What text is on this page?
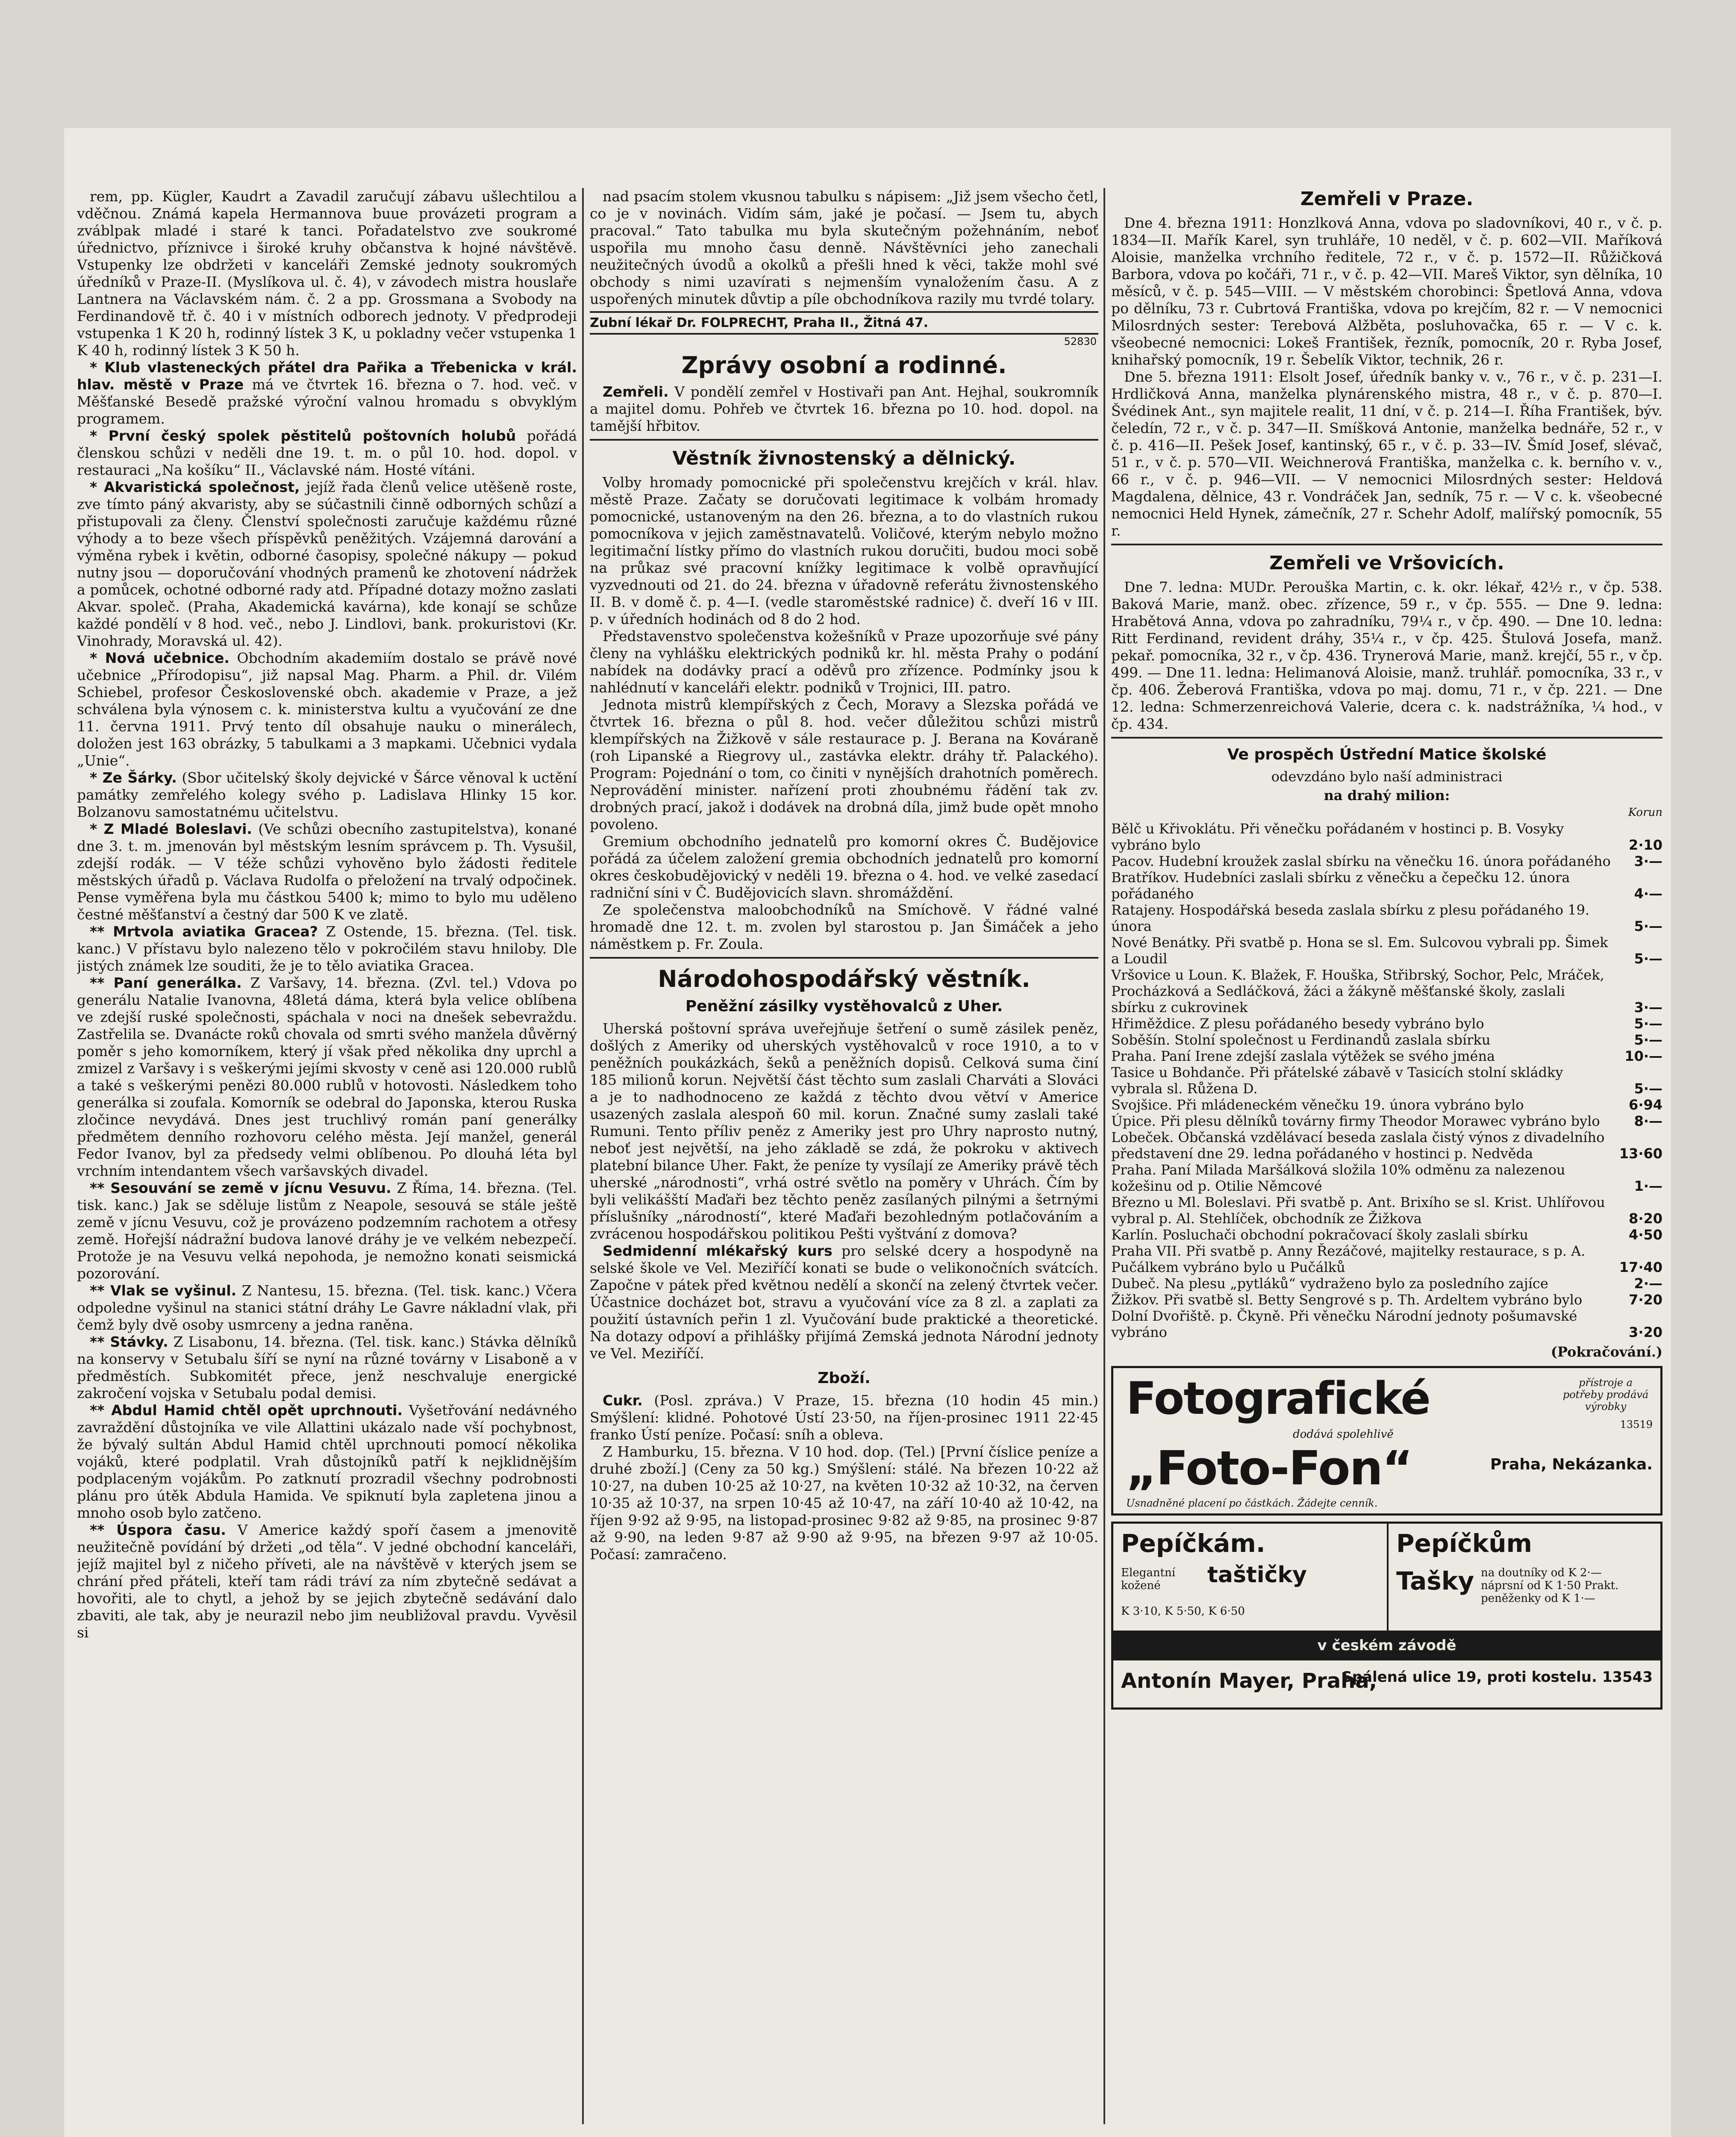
rem, pp. Kügler, Kaudrt a Zavadil zaručují zábavu ušlechtilou a vděčnou. Známá kapela Hermannova buue provázeti program a zváblpak mladé i staré k tanci. Pořadatelstvo zve soukromé úřednictvo, příznivce i široké kruhy občanstva k hojné návštěvě. Vstupenky lze obdržeti v kanceláři Zemské jednoty soukromých úředníků v Praze-II. (Myslíkova ul. č. 4), v závodech mistra houslaře Lantnera na Václavském nám. č. 2 a pp. Grossmana a Svobody na Ferdinandově tř. č. 40 i v místních odborech jednoty. V předprodeji vstupenka 1 K 20 h, rodinný lístek 3 K, u pokladny večer vstupenka 1 K 40 h, rodinný lístek 3 K 50 h.

* Klub vlasteneckých přátel dra Pařika a Třebenicka v král. hlav. městě v Praze má ve čtvrtek 16. března o 7. hod. več. v Měšťanské Besedě pražské výroční valnou hromadu s obvyklým programem.

* První český spolek pěstitelů poštovních holubů pořádá členskou schůzi v neděli dne 19. t. m. o půl 10. hod. dopol. v restauraci „Na košíku“ II., Václavské nám. Hosté vítáni.

* Akvaristická společnost, jejíž řada členů velice utěšeně roste, zve tímto páný akvaristy, aby se súčastnili činně odborných schůzí a přistupovali za členy. Členství společnosti zaručuje každému různé výhody a to beze všech příspěvků peněžitých. Vzájemná darování a výměna rybek i květin, odborné časopisy, společné nákupy — pokud nutny jsou — doporučování vhodných pramenů ke zhotovení nádržek a pomůcek, ochotné odborné rady atd. Případné dotazy možno zaslati Akvar. společ. (Praha, Akademická kavárna), kde konají se schůze každé pondělí v 8 hod. več., nebo J. Lindlovi, bank. prokuristovi (Kr. Vinohrady, Moravská ul. 42).

* Nová učebnice. Obchodním akademiím dostalo se právě nové učebnice „Přírodopisu“, již napsal Mag. Pharm. a Phil. dr. Vilém Schiebel, profesor Československé obch. akademie v Praze, a jež schválena byla výnosem c. k. ministerstva kultu a vyučování ze dne 11. června 1911. Prvý tento díl obsahuje nauku o minerálech, doložen jest 163 obrázky, 5 tabulkami a 3 mapkami. Učebnici vydala „Unie“.

* Ze Šárky. (Sbor učitelský školy dejvické v Šárce věnoval k uctění památky zemřelého kolegy svého p. Ladislava Hlinky 15 kor. Bolzanovu samostatnému učitelstvu.

* Z Mladé Boleslavi. (Ve schůzi obecního zastupitelstva), konané dne 3. t. m. jmenován byl městským lesním správcem p. Th. Vysušil, zdejší rodák. — V téže schůzi vyhověno bylo žádosti ředitele městských úřadů p. Václava Rudolfa o přeložení na trvalý odpočinek. Pense vyměřena byla mu částkou 5400 k; mimo to bylo mu uděleno čestné měšťanství a čestný dar 500 K ve zlatě.

** Mrtvola aviatika Gracea? Z Ostende, 15. března. (Tel. tisk. kanc.) V přístavu bylo nalezeno tělo v pokročilém stavu hniloby. Dle jistých známek lze souditi, že je to tělo aviatika Gracea.

** Paní generálka. Z Varšavy, 14. března. (Zvl. tel.) Vdova po generálu Natalie Ivanovna, 48letá dáma, která byla velice oblíbena ve zdejší ruské společnosti, spáchala v noci na dnešek sebevraždu. Zastřelila se. Dvanácte roků chovala od smrti svého manžela důvěrný poměr s jeho komorníkem, který jí však před několika dny uprchl a zmizel z Varšavy i s veškerými jejími skvosty v ceně asi 120.000 rublů a také s veškerými penězi 80.000 rublů v hotovosti. Následkem toho generálka si zoufala. Komorník se odebral do Japonska, kterou Ruska zločince nevydává. Dnes jest truchlivý román paní generálky předmětem denního rozhovoru celého města. Její manžel, generál Fedor Ivanov, byl za předsedy velmi oblíbenou. Po dlouhá léta byl vrchním intendantem všech varšavských divadel.

** Sesouvání se země v jícnu Vesuvu. Z Říma, 14. března. (Tel. tisk. kanc.) Jak se sděluje listům z Neapole, sesouvá se stále ještě země v jícnu Vesuvu, což je provázeno podzemním rachotem a otřesy země. Hořejší nádražní budova lanové dráhy je ve velkém nebezpečí. Protože je na Vesuvu velká nepohoda, je nemožno konati seismická pozorování.

** Vlak se vyšinul. Z Nantesu, 15. března. (Tel. tisk. kanc.) Včera odpoledne vyšinul na stanici státní dráhy Le Gavre nákladní vlak, při čemž byly dvě osoby usmrceny a jedna raněna.

** Stávky. Z Lisabonu, 14. března. (Tel. tisk. kanc.) Stávka dělníků na konservy v Setubalu šíří se nyní na různé továrny v Lisaboně a v předměstích. Subkomitét přece, jenž neschvaluje energické zakročení vojska v Setubalu podal demisi.

** Abdul Hamid chtěl opět uprchnouti. Vyšetřování nedávného zavraždění důstojníka ve vile Allattini ukázalo nade vší pochybnost, že bývalý sultán Abdul Hamid chtěl uprchnouti pomocí několika vojáků, které podplatil. Vrah důstojníků patří k nejklidnějším podplaceným vojákům. Po zatknutí prozradil všechny podrobnosti plánu pro útěk Abdula Hamida. Ve spiknutí byla zapletena jinou a mnoho osob bylo zatčeno.

** Úspora času. V Americe každý spoří časem a jmenovitě neužitečně povídání bý držeti „od těla“. V jedné obchodní kanceláři, jejíž majitel byl z ničeho příveti, ale na návštěvě v kterých jsem se chrání před přáteli, kteří tam rádi tráví za ním zbytečně sedávat a hovořiti, ale to chytl, a jehož by se jejich zbytečně sedávání dalo zbaviti, ale tak, aby je neurazil nebo jim neubližoval pravdu. Vyvěsil si

nad psacím stolem vkusnou tabulku s nápisem: „Již jsem všecho četl, co je v novinách. Vidím sám, jaké je počasí. — Jsem tu, abych pracoval.“ Tato tabulka mu byla skutečným požehnáním, neboť uspořila mu mnoho času denně. Návštěvníci jeho zanechali neužitečných úvodů a okolků a přešli hned k věci, takže mohl své obchody s nimi uzavírati s nejmenším vynaložením času. A z uspořených minutek důvtip a píle obchodníkova razily mu tvrdé tolary.

Zubní lékař Dr. FOLPRECHT, Praha II., Žitná 47.
52830
Zprávy osobní a rodinné.

Zemřeli. V pondělí zemřel v Hostivaři pan Ant. Hejhal, soukromník a majitel domu. Pohřeb ve čtvrtek 16. března po 10. hod. dopol. na tamější hřbitov.

Věstník živnostenský a dělnický.

Volby hromady pomocnické při společenstvu krejčích v král. hlav. městě Praze. Začaty se doručovati legitimace k volbám hromady pomocnické, ustanoveným na den 26. března, a to do vlastních rukou pomocníkova v jejich zaměstnavatelů. Voličové, kterým nebylo možno legitimační lístky přímo do vlastních rukou doručiti, budou moci sobě na průkaz své pracovní knížky legitimace k volbě opravňující vyzvednouti od 21. do 24. března v úřadovně referátu živnostenského II. B. v domě č. p. 4—I. (vedle staroměstské radnice) č. dveří 16 v III. p. v úředních hodinách od 8 do 2 hod.

Představenstvo společenstva kožešníků v Praze upozorňuje své pány členy na vyhlášku elektrických podniků kr. hl. města Prahy o podání nabídek na dodávky prací a oděvů pro zřízence. Podmínky jsou k nahlédnutí v kanceláři elektr. podniků v Trojnici, III. patro.

Jednota mistrů klempířských z Čech, Moravy a Slezska pořádá ve čtvrtek 16. března o půl 8. hod. večer důležitou schůzi mistrů klempířských na Žižkově v sále restaurace p. J. Berana na Kováraně (roh Lipanské a Riegrovy ul., zastávka elektr. dráhy tř. Palackého). Program: Pojednání o tom, co činiti v nynějších drahotních poměrech. Neprovádění minister. nařízení proti zhoubnému řádění tak zv. drobných prací, jakož i dodávek na drobná díla, jimž bude opět mnoho povoleno.

Gremium obchodního jednatelů pro komorní okres Č. Budějovice pořádá za účelem založení gremia obchodních jednatelů pro komorní okres českobudějovický v neděli 19. března o 4. hod. ve velké zasedací radniční síni v Č. Budějovicích slavn. shromáždění.

Ze společenstva maloobchodníků na Smíchově. V řádné valné hromadě dne 12. t. m. zvolen byl starostou p. Jan Šimáček a jeho náměstkem p. Fr. Zoula.

Národohospodářský věstník.
Peněžní zásilky vystěhovalců z Uher.

Uherská poštovní správa uveřejňuje šetření o sumě zásilek peněz, došlých z Ameriky od uherských vystěhovalců v roce 1910, a to v peněžních poukázkách, šeků a peněžních dopisů. Celková suma činí 185 milionů korun. Největší část těchto sum zaslali Charváti a Slováci a je to nadhodnoceno ze každá z těchto dvou větví v Americe usazených zaslala alespoň 60 mil. korun. Značné sumy zaslali také Rumuni. Tento příliv peněz z Ameriky jest pro Uhry naprosto nutný, neboť jest největší, na jeho základě se zdá, že pokroku v aktivech platební bilance Uher. Fakt, že peníze ty vysílají ze Ameriky právě těch uherské „národnosti“, vrhá ostré světlo na poměry v Uhrách. Čím by byli velikášští Maďaři bez těchto peněz zasílaných pilnými a šetrnými příslušníky „národností“, které Maďaři bezohledným potlačováním a zvrácenou hospodářskou politikou Pešti vyštvání z domova?

Sedmidenní mlékařský kurs pro selské dcery a hospodyně na selské škole ve Vel. Meziříčí konati se bude o velikonočních svátcích. Započne v pátek před květnou nedělí a skončí na zelený čtvrtek večer. Účastnice docházet bot, stravu a vyučování více za 8 zl. a zaplati za použití ústavních peřin 1 zl. Vyučování bude praktické a theoretické. Na dotazy odpoví a přihlášky přijímá Zemská jednota Národní jednoty ve Vel. Meziříčí.

Zboží.

Cukr. (Posl. zpráva.) V Praze, 15. března (10 hodin 45 min.) Smýšlení: klidné. Pohotové Ústí 23·50, na říjen-prosinec 1911 22·45 franko Ústí peníze. Počasí: sníh a oblevа.

Z Hamburku, 15. března. V 10 hod. dop. (Tel.) [První číslice peníze a druhé zboží.] (Ceny za 50 kg.) Smýšlení: stálé. Na březen 10·22 až 10·27, na duben 10·25 až 10·27, na květen 10·32 až 10·32, na červen 10·35 až 10·37, na srpen 10·45 až 10·47, na září 10·40 až 10·42, na říjen 9·92 až 9·95, na listopad-prosinec 9·82 až 9·85, na prosinec 9·87 až 9·90, na leden 9·87 až 9·90 až 9·95, na březen 9·97 až 10·05. Počasí: zamračeno.

Zemřeli v Praze.

Dne 4. března 1911: Honzlková Anna, vdova po sladovníkovi, 40 r., v č. p. 1834—II. Mařík Karel, syn truhláře, 10 neděl, v č. p. 602—VII. Maříková Aloisie, manželka vrchního ředitele, 72 r., v č. p. 1572—II. Růžičková Barbora, vdova po kočáři, 71 r., v č. p. 42—VII. Mareš Viktor, syn dělníka, 10 měsíců, v č. p. 545—VIII. — V městském chorobinci: Špetlová Anna, vdova po dělníku, 73 r. Cubrtová Františka, vdova po krejčím, 82 r. — V nemocnici Milosrdných sester: Terebová Alžběta, posluhovačka, 65 r. — V c. k. všeobecné nemocnici: Lokeš František, řezník, pomocník, 20 r. Ryba Josef, knihařský pomocník, 19 r. Šebelík Viktor, technik, 26 r.

Dne 5. března 1911: Elsolt Josef, úředník banky v. v., 76 r., v č. p. 231—I. Hrdličková Anna, manželka plynárenského mistra, 48 r., v č. p. 870—I. Švédinek Ant., syn majitele realit, 11 dní, v č. p. 214—I. Říha František, býv. čeledín, 72 r., v č. p. 347—II. Smíšková Antonie, manželka bednáře, 52 r., v č. p. 416—II. Pešek Josef, kantinský, 65 r., v č. p. 33—IV. Šmíd Josef, slévač, 51 r., v č. p. 570—VII. Weichnerová Františka, manželka c. k. berního v. v., 66 r., v č. p. 946—VII. — V nemocnici Milosrdných sester: Heldová Magdalena, dělnice, 43 r. Vondráček Jan, sedník, 75 r. — V c. k. všeobecné nemocnici Held Hynek, zámečník, 27 r. Schehr Adolf, malířský pomocník, 55 r.

Zemřeli ve Vršovicích.

Dne 7. ledna: MUDr. Perouška Martin, c. k. okr. lékař, 42½ r., v čp. 538. Baková Marie, manž. obec. zřízence, 59 r., v čp. 555. — Dne 9. ledna: Hrabětová Anna, vdova po zahradníku, 79¼ r., v čp. 490. — Dne 10. ledna: Ritt Ferdinand, revident dráhy, 35¼ r., v čp. 425. Štulová Josefa, manž. pekař. pomocníka, 32 r., v čp. 436. Trynerová Marie, manž. krejčí, 55 r., v čp. 499. — Dne 11. ledna: Helimanová Aloisie, manž. truhlář. pomocníka, 33 r., v čp. 406. Žeberová Františka, vdova po maj. domu, 71 r., v čp. 221. — Dne 12. ledna: Schmerzenreichová Valerie, dcera c. k. nadstrážníka, ¼ hod., v čp. 434.

Ve prospěch Ústřední Matice školské
odevzdáno bylo naší administraci
na drahý milion:
Korun
Bělč u Křivoklátu. Při věnečku pořádaném v hostinci p. B. Vosyky vybráno bylo	2·10
Pacov. Hudební kroužek zaslal sbírku na věnečku 16. února pořádaného	3·—
Bratříkov. Hudebníci zaslali sbírku z věnečku a čepečku 12. února pořádaného	4·—
Ratajeny. Hospodářská beseda zaslala sbírku z plesu pořádaného 19. února	5·—
Nové Benátky. Při svatbě p. Hona se sl. Em. Sulcovou vybrali pp. Šimek a Loudil	5·—
Vršovice u Loun. K. Blažek, F. Houška, Střibrský, Sochor, Pelc, Mráček, Procházková a Sedláčková, žáci a žákyně měšťanské školy, zaslali sbírku z cukrovinek	3·—
Hřiměždice. Z plesu pořádaného besedy vybráno bylo	5·—
Soběšín. Stolní společnost u Ferdinandů zaslala sbírku	5·—
Praha. Paní Irene zdejší zaslala výtěžek se svého jména	10·—
Tasice u Bohdanče. Při přátelské zábavě v Tasicích stolní skládky vybrala sl. Růžena D.	5·—
Svojšice. Při mládeneckém věnečku 19. února vybráno bylo	6·94
Úpice. Při plesu dělníků továrny firmy Theodor Morawec vybráno bylo	8·—
Lobeček. Občanská vzdělávací beseda zaslala čistý výnos z divadelního představení dne 29. ledna pořádaného v hostinci p. Nedvěda	13·60
Praha. Paní Milada Maršálková složila 10% odměnu za nalezenou kožešinu od p. Otilie Němcové	1·—
Březno u Ml. Boleslavi. Při svatbě p. Ant. Brixího se sl. Krist. Uhlířovou vybral p. Al. Stehlíček, obchodník ze Žižkova	8·20
Karlín. Posluchači obchodní pokračovací školy zaslali sbírku	4·50
Praha VII. Při svatbě p. Anny Řezáčové, majitelky restaurace, s p. A. Pučálkem vybráno bylo u Pučálků	17·40
Dubeč. Na plesu „pytláků“ vydraženo bylo za posledního zajíce	2·—
Žižkov. Při svatbě sl. Betty Sengrové s p. Th. Ardeltem vybráno bylo	7·20
Dolní Dvořiště. p. Čkyně. Při věnečku Národní jednoty pošumavské vybráno	3·20
(Pokračování.)
Fotografické	přístroje a potřeby prodává výrobky
13519
dodává spolehlivě
„Foto-Fon“	Praha, Nekázanka.
Usnadněné placení po částkách. Žádejte cenník.
Pepíčkám.	Pepíčkům
Elegantní kožené	taštičky
K 3·10, K 5·50, K 6·50
Tašky na doutníky od K 2·— náprsní od K 1·50 Prakt. peněženky od K 1·—
v českém závodě
Antonín Mayer, Praha,
Spálená ulice 19, proti kostelu. 13543
